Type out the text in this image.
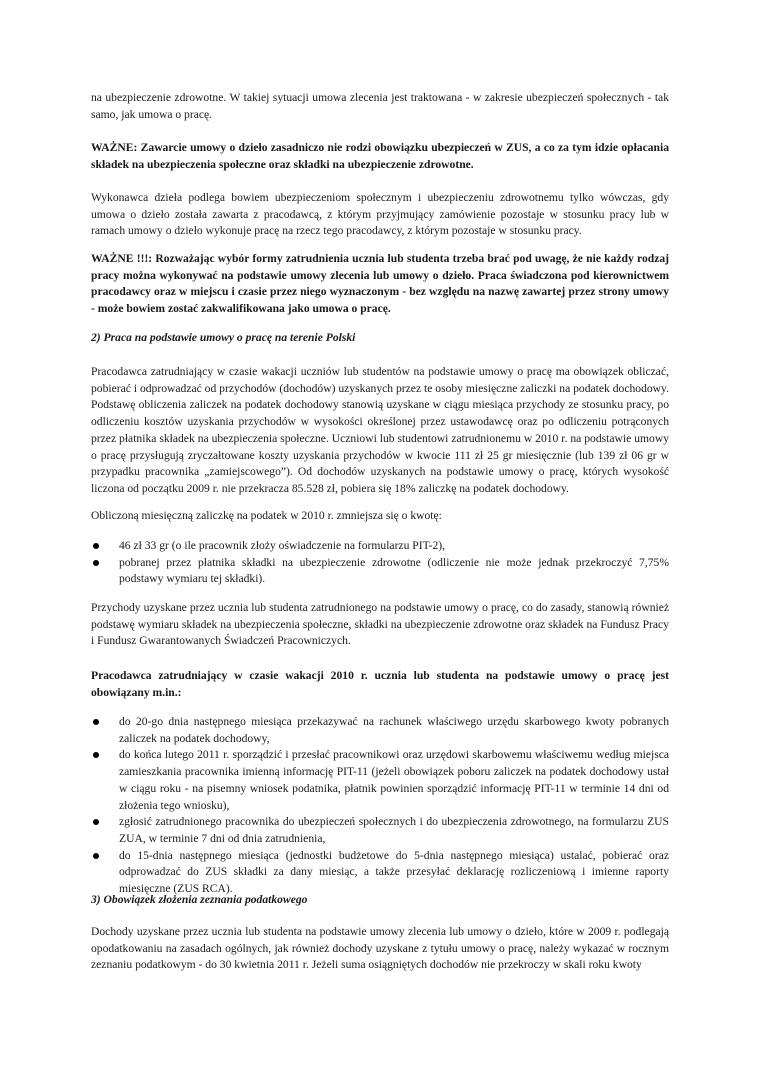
na ubezpieczenie zdrowotne. W takiej sytuacji umowa zlecenia jest traktowana - w zakresie ubezpieczeń społecznych - tak samo, jak umowa o pracę.

WAŻNE: Zawarcie umowy o dzieło zasadniczo nie rodzi obowiązku ubezpieczeń w ZUS, a co za tym idzie opłacania składek na ubezpieczenia społeczne oraz składki na ubezpieczenie zdrowotne.

Wykonawca dzieła podlega bowiem ubezpieczeniom społecznym i ubezpieczeniu zdrowotnemu tylko wówczas, gdy umowa o dzieło została zawarta z pracodawcą, z którym przyjmujący zamówienie pozostaje w stosunku pracy lub w ramach umowy o dzieło wykonuje pracę na rzecz tego pracodawcy, z którym pozostaje w stosunku pracy.

WAŻNE !!!: Rozważając wybór formy zatrudnienia ucznia lub studenta trzeba brać pod uwagę, że nie każdy rodzaj pracy można wykonywać na podstawie umowy zlecenia lub umowy o dzieło. Praca świadczona pod kierownictwem pracodawcy oraz w miejscu i czasie przez niego wyznaczonym - bez względu na nazwę zawartej przez strony umowy - może bowiem zostać zakwalifikowana jako umowa o pracę.

2) Praca na podstawie umowy o pracę na terenie Polski

Pracodawca zatrudniający w czasie wakacji uczniów lub studentów na podstawie umowy o pracę ma obowiązek obliczać, pobierać i odprowadzać od przychodów (dochodów) uzyskanych przez te osoby miesięczne zaliczki na podatek dochodowy. Podstawę obliczenia zaliczek na podatek dochodowy stanowią uzyskane w ciągu miesiąca przychody ze stosunku pracy, po odliczeniu kosztów uzyskania przychodów w wysokości określonej przez ustawodawcę oraz po odliczeniu potrąconych przez płatnika składek na ubezpieczenia społeczne. Uczniowi lub studentowi zatrudnionemu w 2010 r. na podstawie umowy o pracę przysługują zryczałtowane koszty uzyskania przychodów w kwocie 111 zł 25 gr miesięcznie (lub 139 zł 06 gr w przypadku pracownika „zamiejscowego”). Od dochodów uzyskanych na podstawie umowy o pracę, których wysokość liczona od początku 2009 r. nie przekracza 85.528 zł, pobiera się 18% zaliczkę na podatek dochodowy.

Obliczoną miesięczną zaliczkę na podatek w 2010 r. zmniejsza się o kwotę:

46 zł 33 gr (o ile pracownik złoży oświadczenie na formularzu PIT-2),
pobranej przez płatnika składki na ubezpieczenie zdrowotne (odliczenie nie może jednak przekroczyć 7,75% podstawy wymiaru tej składki).

Przychody uzyskane przez ucznia lub studenta zatrudnionego na podstawie umowy o pracę, co do zasady, stanowią również podstawę wymiaru składek na ubezpieczenia społeczne, składki na ubezpieczenie zdrowotne oraz składek na Fundusz Pracy i Fundusz Gwarantowanych Świadczeń Pracowniczych.

Pracodawca zatrudniający w czasie wakacji 2010 r. ucznia lub studenta na podstawie umowy o pracę jest obowiązany m.in.:

do 20-go dnia następnego miesiąca przekazywać na rachunek właściwego urzędu skarbowego kwoty pobranych zaliczek na podatek dochodowy,
do końca lutego 2011 r. sporządzić i przesłać pracownikowi oraz urzędowi skarbowemu właściwemu według miejsca zamieszkania pracownika imienną informację PIT-11 (jeżeli obowiązek poboru zaliczek na podatek dochodowy ustał w ciągu roku - na pisemny wniosek podatnika, płatnik powinien sporządzić informację PIT-11 w terminie 14 dni od złożenia tego wniosku),
zgłosić zatrudnionego pracownika do ubezpieczeń społecznych i do ubezpieczenia zdrowotnego, na formularzu ZUS ZUA, w terminie 7 dni od dnia zatrudnienia,
do 15-dnia następnego miesiąca (jednostki budżetowe do 5-dnia następnego miesiąca) ustalać, pobierać oraz odprowadzać do ZUS składki za dany miesiąc, a także przesyłać deklarację rozliczeniową i imienne raporty miesięczne (ZUS RCA).

3) Obowiązek złożenia zeznania podatkowego

Dochody uzyskane przez ucznia lub studenta na podstawie umowy zlecenia lub umowy o dzieło, które w 2009 r. podlegają opodatkowaniu na zasadach ogólnych, jak również dochody uzyskane z tytułu umowy o pracę, należy wykazać w rocznym zeznaniu podatkowym - do 30 kwietnia 2011 r. Jeżeli suma osiągniętych dochodów nie przekroczy w skali roku kwoty
